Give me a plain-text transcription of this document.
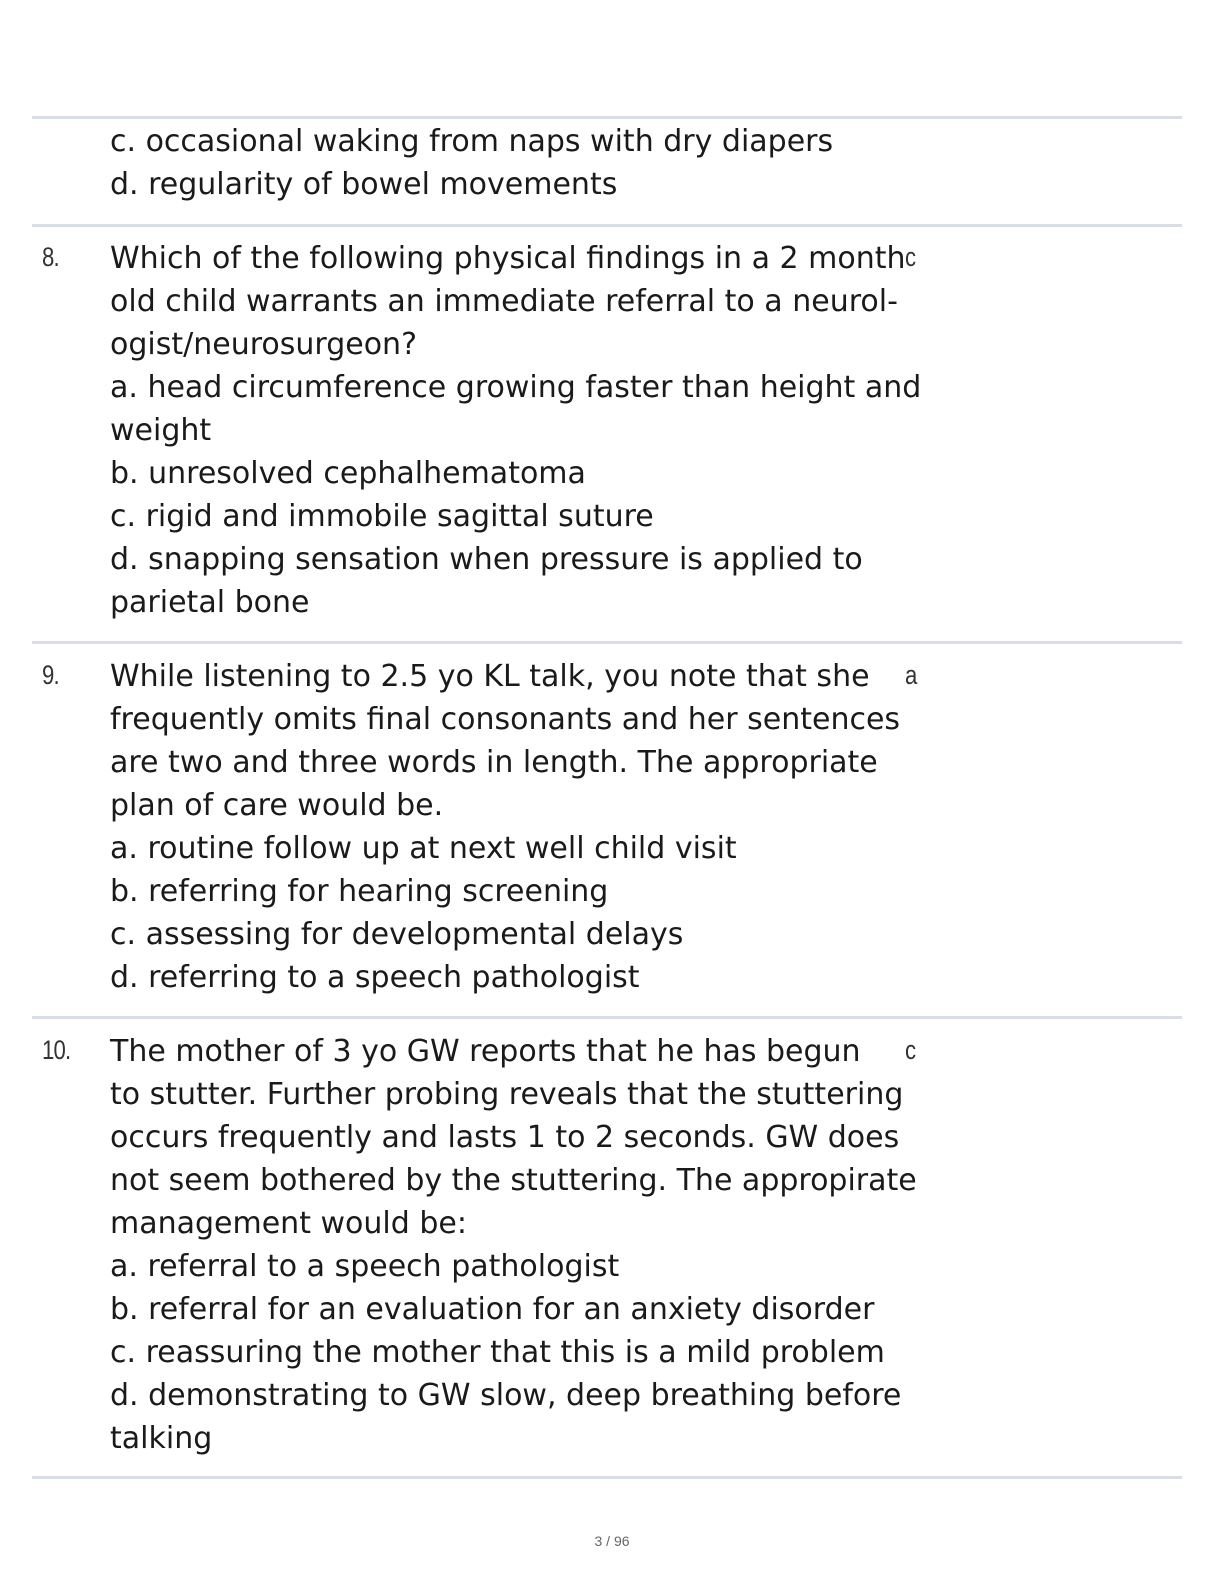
c. occasional waking from naps with dry diapers

d. regularity of bowel movements

8. Which of the following physical findings in a 2 month

old child warrants an immediate referral to a neurol-

ogist/neurosurgeon?

a. head circumference growing faster than height and

weight

b. unresolved cephalhematoma

c. rigid and immobile sagittal suture

d. snapping sensation when pressure is applied to

parietal bone

c
9. While listening to 2.5 yo KL talk, you note that she

frequently omits final consonants and her sentences

are two and three words in length. The appropriate

plan of care would be.

a. routine follow up at next well child visit

b. referring for hearing screening

c. assessing for developmental delays

d. referring to a speech pathologist

a
10. The mother of 3 yo GW reports that he has begun

to stutter. Further probing reveals that the stuttering

occurs frequently and lasts 1 to 2 seconds. GW does

not seem bothered by the stuttering. The appropirate

management would be:

a. referral to a speech pathologist

b. referral for an evaluation for an anxiety disorder

c. reassuring the mother that this is a mild problem

d. demonstrating to GW slow, deep breathing before

talking

c
3 / 96
